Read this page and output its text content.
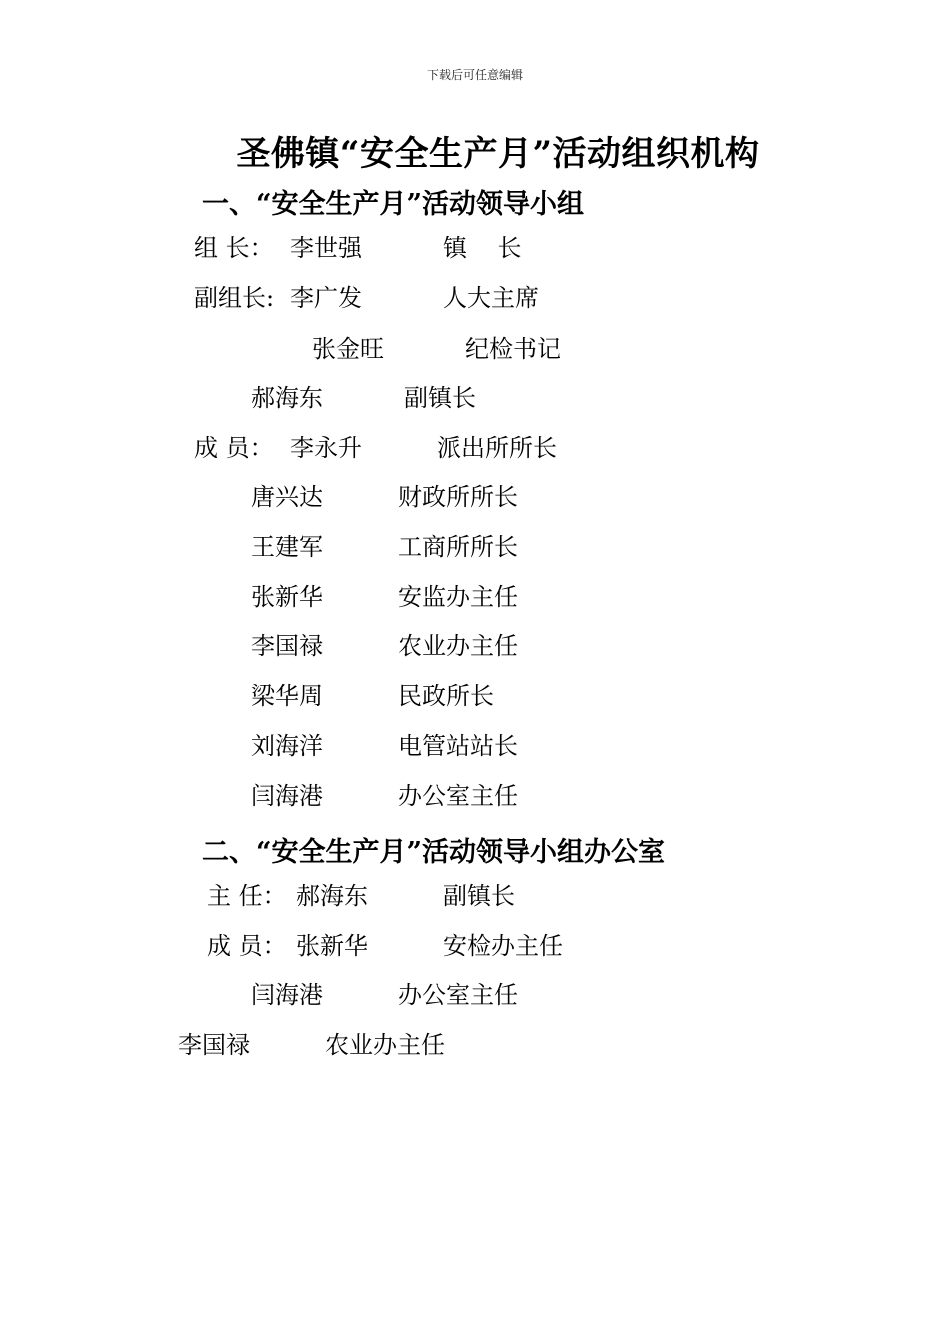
下载后可任意编辑
圣佛镇“安全生产月”活动组织机构
一、“安全生产月”活动领导小组
组 长： 李世强	镇    长
副组长: 李广发	人大主席
张金旺	纪检书记
郝海东	副镇长
成 员： 李永升	派出所所长
唐兴达	财政所所长
王建军	工商所所长
张新华	安监办主任
李国禄	农业办主任
梁华周	民政所长
刘海洋	电管站站长
闫海港	办公室主任
二、“安全生产月”活动领导小组办公室
主 任： 郝海东	副镇长
成 员： 张新华	安检办主任
闫海港	办公室主任
李国禄	农业办主任
